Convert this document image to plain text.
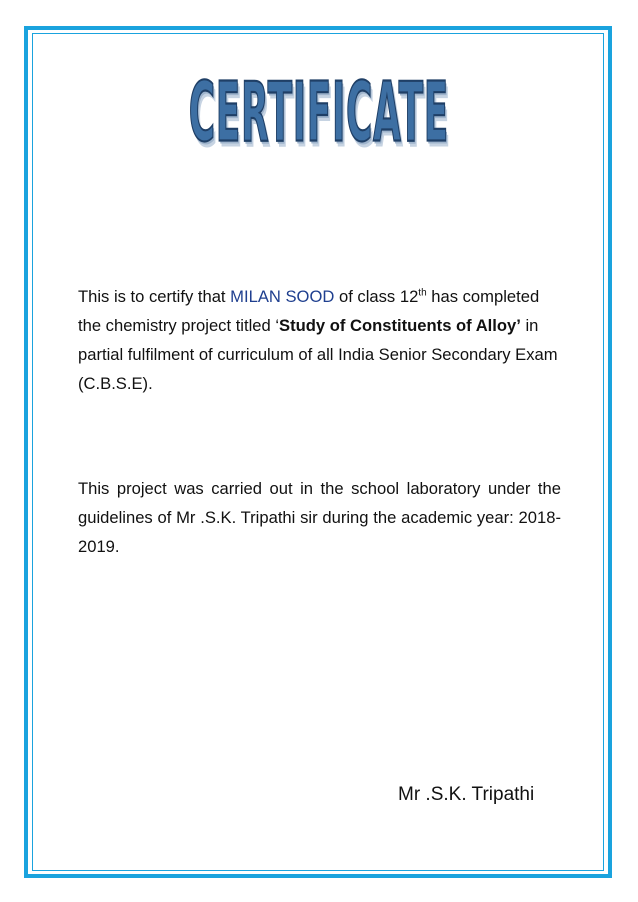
CERTIFICATE

This is to certify that MILAN SOOD of class 12th has completed the chemistry project titled ‘Study of Constituents of Alloy’ in partial fulfilment of curriculum of all India Senior Secondary Exam (C.B.S.E).

This project was carried out in the school laboratory under the guidelines of Mr .S.K. Tripathi sir during the academic year: 2018-2019.

Mr .S.K. Tripathi
